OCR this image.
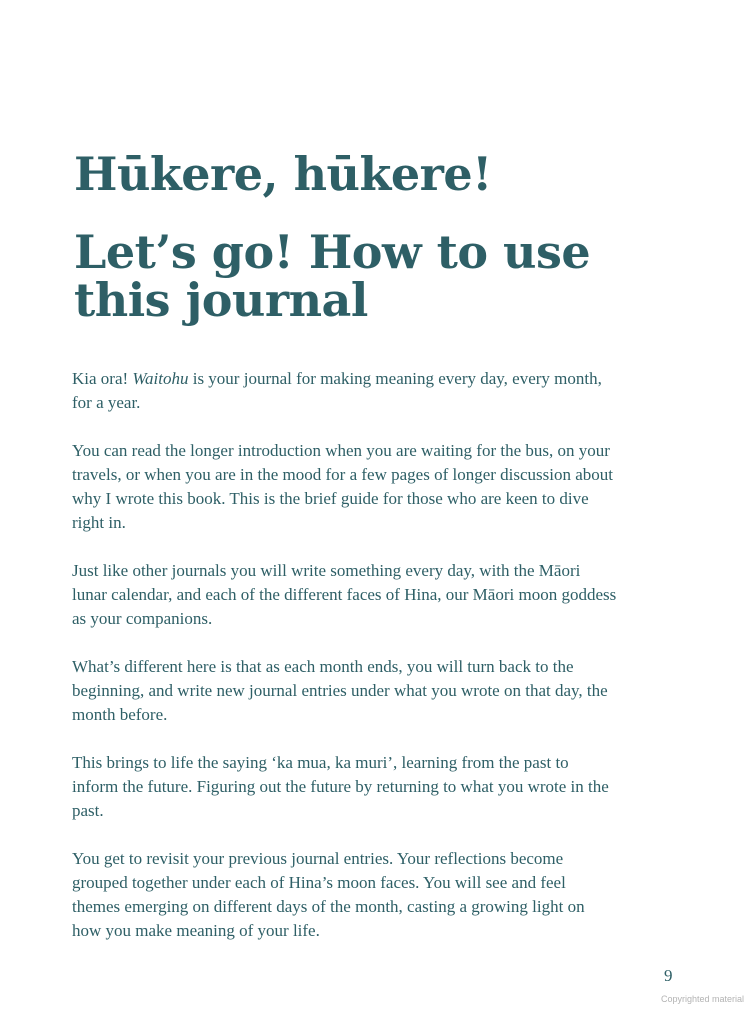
Hūkere, hūkere!
Let’s go! How to use this journal

Kia ora! Waitohu is your journal for making meaning every day, every month, for a year.

You can read the longer introduction when you are waiting for the bus, on your travels, or when you are in the mood for a few pages of longer discussion about why I wrote this book. This is the brief guide for those who are keen to dive right in.

Just like other journals you will write something every day, with the Māori lunar calendar, and each of the different faces of Hina, our Māori moon goddess as your companions.

What’s different here is that as each month ends, you will turn back to the beginning, and write new journal entries under what you wrote on that day, the month before.

This brings to life the saying ‘ka mua, ka muri’, learning from the past to inform the future. Figuring out the future by returning to what you wrote in the past.

You get to revisit your previous journal entries. Your reflections become grouped together under each of Hina’s moon faces. You will see and feel themes emerging on different days of the month, casting a growing light on how you make meaning of your life.

9
Copyrighted material
